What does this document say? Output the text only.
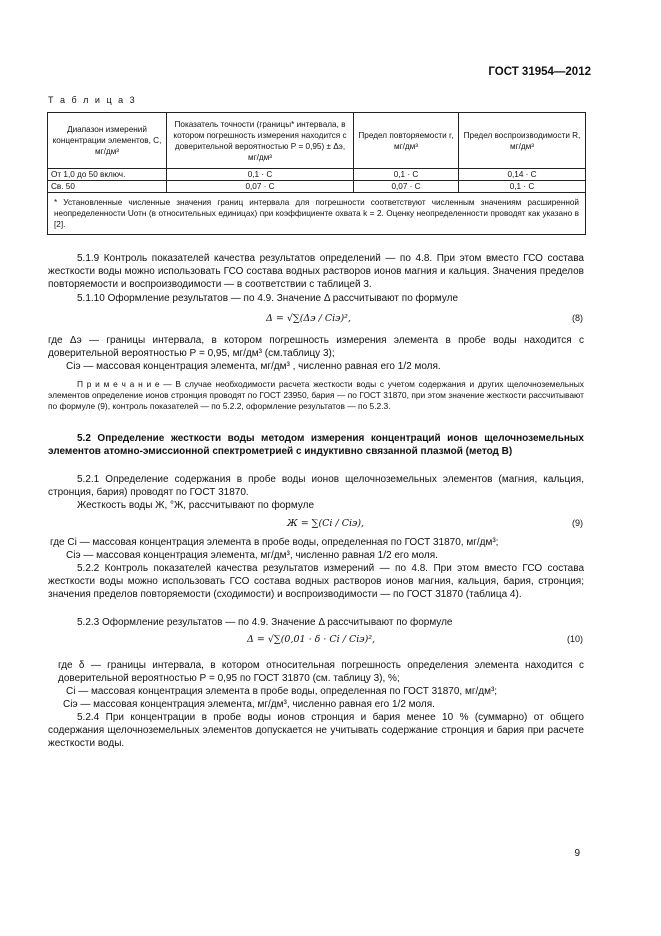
ГОСТ 31954—2012
Т а б л и ц а 3
Диапазон измерений концентрации элементов, С, мг/дм³	Показатель точности (границы* интервала, в котором погрешность измерения находится с доверительной вероятностью Р = 0,95) ± Δэ, мг/дм³	Предел повторяемости r, мг/дм³	Предел воспроизводимости R, мг/дм³
От 1,0 до 50 включ.	0,1 · С	0,1 · С	0,14 · С
Св. 50	0,07 · С	0,07 · С	0,1 · С
* Установленные численные значения границ интервала для погрешности соответствуют численным значениям расширенной неопределенности Uотн (в относительных единицах) при коэффициенте охвата k = 2. Оценку неопределенности проводят как указано в [2].			
5.1.9 Контроль показателей качества результатов определений — по 4.8. При этом вместо ГСО состава жесткости воды можно использовать ГСО состава водных растворов ионов магния и кальция. Значения пределов повторяемости и воспроизводимости — в соответствии с таблицей 3.
5.1.10 Оформление результатов — по 4.9. Значение Δ рассчитывают по формуле
Δ = √∑(Δэ / Сiэ)²,	(8)
где Δэ — границы интервала, в котором погрешность измерения элемента в пробе воды находится с доверительной вероятностью Р = 0,95, мг/дм³ (см.таблицу 3);
Сiэ — массовая концентрация элемента, мг/дм³ , численно равная его 1/2 моля.
П р и м е ч а н и е — В случае необходимости расчета жесткости воды с учетом содержания и других щелочноземельных элементов определение ионов стронция проводят по ГОСТ 23950, бария — по ГОСТ 31870, при этом значение жесткости рассчитывают по формуле (9), контроль показателей — по 5.2.2, оформление результатов — по 5.2.3.
5.2 Определение жесткости воды методом измерения концентраций ионов щелочноземельных элементов атомно-эмиссионной спектрометрией с индуктивно связанной плазмой (метод В)
5.2.1 Определение содержания в пробе воды ионов щелочноземельных элементов (магния, кальция, стронция, бария) проводят по ГОСТ 31870.
Жесткость воды Ж, °Ж, рассчитывают по формуле
Ж = ∑(Сi / Сiэ),	(9)
где Сi — массовая концентрация элемента в пробе воды, определенная по ГОСТ 31870, мг/дм³;
Сiэ — массовая концентрация элемента, мг/дм³, численно равная 1/2 его моля.
5.2.2 Контроль показателей качества результатов измерений — по 4.8. При этом вместо ГСО состава жесткости воды можно использовать ГСО состава водных растворов ионов магния, кальция, бария, стронция; значения пределов повторяемости (сходимости) и воспроизводимости — по ГОСТ 31870 (таблица 4).
5.2.3 Оформление результатов — по 4.9. Значение Δ рассчитывают по формуле
Δ = √∑(0,01 · δ · Сi / Сiэ)²,	(10)
где δ — границы интервала, в котором относительная погрешность определения элемента находится с доверительной вероятностью Р = 0,95 по ГОСТ 31870 (см. таблицу 3), %;
Сi — массовая концентрация элемента в пробе воды, определенная по ГОСТ 31870, мг/дм³;
Сiэ — массовая концентрация элемента, мг/дм³, численно равная его 1/2 моля.
5.2.4 При концентрации в пробе воды ионов стронция и бария менее 10 % (суммарно) от общего содержания щелочноземельных элементов допускается не учитывать содержание стронция и бария при расчете жесткости воды.
9
